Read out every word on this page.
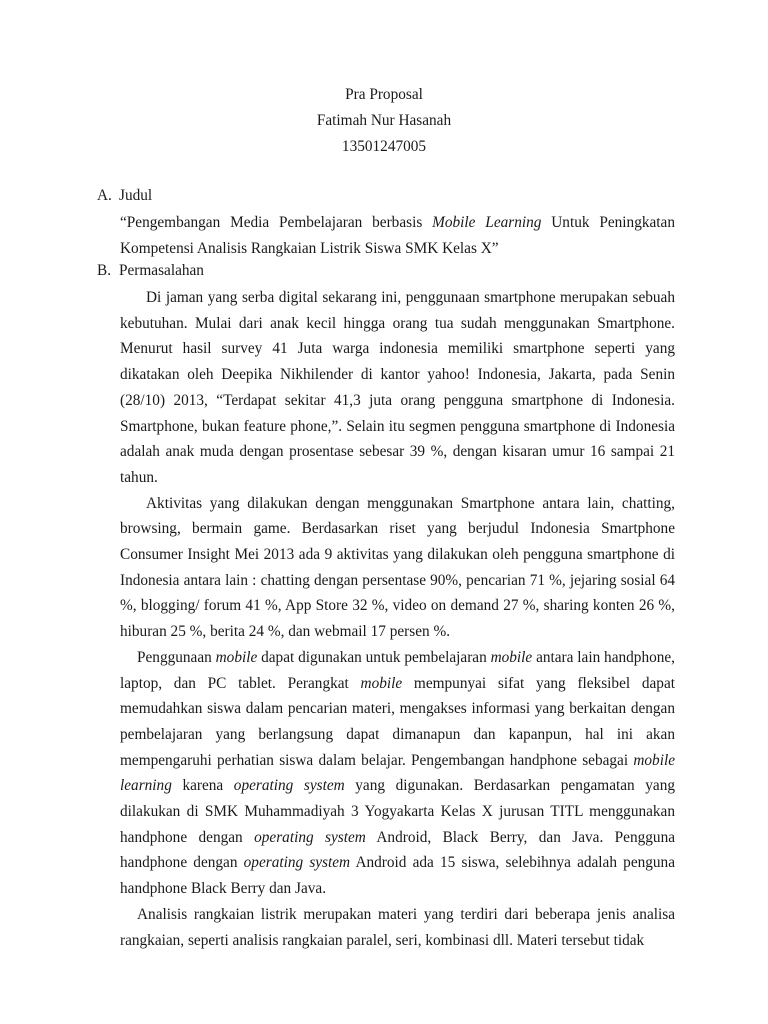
Pra Proposal
Fatimah Nur Hasanah
13501247005
A. Judul

“Pengembangan Media Pembelajaran berbasis Mobile Learning Untuk Peningkatan Kompetensi Analisis Rangkaian Listrik Siswa SMK Kelas X”

B. Permasalahan

Di jaman yang serba digital sekarang ini, penggunaan smartphone merupakan sebuah kebutuhan. Mulai dari anak kecil hingga orang tua sudah menggunakan Smartphone. Menurut hasil survey 41 Juta warga indonesia memiliki smartphone seperti yang dikatakan oleh Deepika Nikhilender di kantor yahoo! Indonesia, Jakarta, pada Senin (28/10) 2013, “Terdapat sekitar 41,3 juta orang pengguna smartphone di Indonesia. Smartphone, bukan feature phone,”. Selain itu segmen pengguna smartphone di Indonesia adalah anak muda dengan prosentase sebesar 39 %, dengan kisaran umur 16 sampai 21 tahun.

Aktivitas yang dilakukan dengan menggunakan Smartphone antara lain, chatting, browsing, bermain game. Berdasarkan riset yang berjudul Indonesia Smartphone Consumer Insight Mei 2013 ada 9 aktivitas yang dilakukan oleh pengguna smartphone di Indonesia antara lain : chatting dengan persentase 90%, pencarian 71 %, jejaring sosial 64 %, blogging/ forum 41 %, App Store 32 %, video on demand 27 %, sharing konten 26 %, hiburan 25 %, berita 24 %, dan webmail 17 persen %.

Penggunaan mobile dapat digunakan untuk pembelajaran mobile antara lain handphone, laptop, dan PC tablet. Perangkat mobile mempunyai sifat yang fleksibel dapat memudahkan siswa dalam pencarian materi, mengakses informasi yang berkaitan dengan pembelajaran yang berlangsung dapat dimanapun dan kapanpun, hal ini akan mempengaruhi perhatian siswa dalam belajar. Pengembangan handphone sebagai mobile learning karena operating system yang digunakan. Berdasarkan pengamatan yang dilakukan di SMK Muhammadiyah 3 Yogyakarta Kelas X jurusan TITL menggunakan handphone dengan operating system Android, Black Berry, dan Java. Pengguna handphone dengan operating system Android ada 15 siswa, selebihnya adalah penguna handphone Black Berry dan Java.

Analisis rangkaian listrik merupakan materi yang terdiri dari beberapa jenis analisa rangkaian, seperti analisis rangkaian paralel, seri, kombinasi dll. Materi tersebut tidak
